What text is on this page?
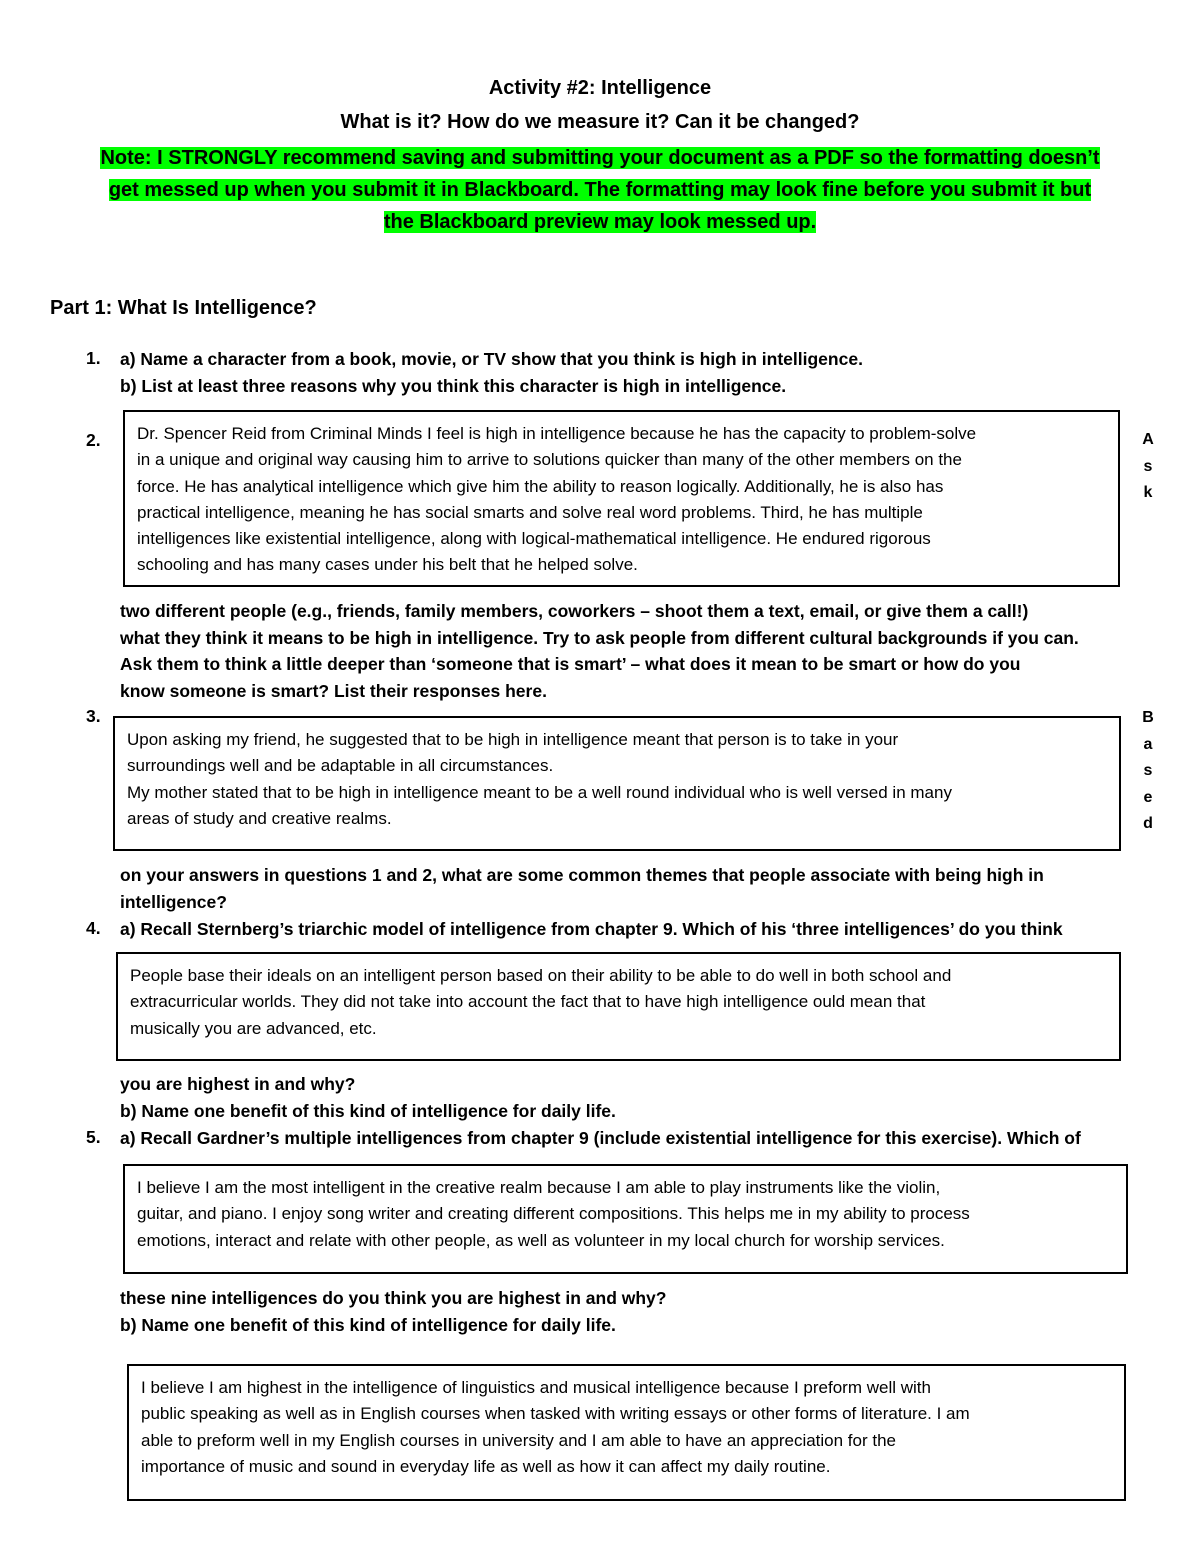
Activity #2: Intelligence
What is it? How do we measure it? Can it be changed?
Note: I STRONGLY recommend saving and submitting your document as a PDF so the formatting doesn’t
get messed up when you submit it in Blackboard. The formatting may look fine before you submit it but
the Blackboard preview may look messed up.
Part 1: What Is Intelligence?
1. a) Name a character from a book, movie, or TV show that you think is high in intelligence.
b) List at least three reasons why you think this character is high in intelligence.
Dr. Spencer Reid from Criminal Minds I feel is high in intelligence because he has the capacity to problem-solve
in a unique and original way causing him to arrive to solutions quicker than many of the other members on the
force. He has analytical intelligence which give him the ability to reason logically. Additionally, he is also has
practical intelligence, meaning he has social smarts and solve real word problems. Third, he has multiple
intelligences like existential intelligence, along with logical-mathematical intelligence. He endured rigorous
schooling and has many cases under his belt that he helped solve.
2.	A
s
k
two different people (e.g., friends, family members, coworkers – shoot them a text, email, or give them a call!)
what they think it means to be high in intelligence. Try to ask people from different cultural backgrounds if you can.
Ask them to think a little deeper than ‘someone that is smart’ – what does it mean to be smart or how do you
know someone is smart? List their responses here.
3.	B
a
s
e
d
Upon asking my friend, he suggested that to be high in intelligence meant that person is to take in your
surroundings well and be adaptable in all circumstances.
My mother stated that to be high in intelligence meant to be a well round individual who is well versed in many
areas of study and creative realms.
on your answers in questions 1 and 2, what are some common themes that people associate with being high in
intelligence?
4. a) Recall Sternberg’s triarchic model of intelligence from chapter 9. Which of his ‘three intelligences’ do you think
People base their ideals on an intelligent person based on their ability to be able to do well in both school and
extracurricular worlds. They did not take into account the fact that to have high intelligence ould mean that
musically you are advanced, etc.
you are highest in and why?
b) Name one benefit of this kind of intelligence for daily life.
5. a) Recall Gardner’s multiple intelligences from chapter 9 (include existential intelligence for this exercise). Which of
I believe I am the most intelligent in the creative realm because I am able to play instruments like the violin,
guitar, and piano. I enjoy song writer and creating different compositions. This helps me in my ability to process
emotions, interact and relate with other people, as well as volunteer in my local church for worship services.
these nine intelligences do you think you are highest in and why?
b) Name one benefit of this kind of intelligence for daily life.
I believe I am highest in the intelligence of linguistics and musical intelligence because I preform well with
public speaking as well as in English courses when tasked with writing essays or other forms of literature. I am
able to preform well in my English courses in university and I am able to have an appreciation for the
importance of music and sound in everyday life as well as how it can affect my daily routine.
